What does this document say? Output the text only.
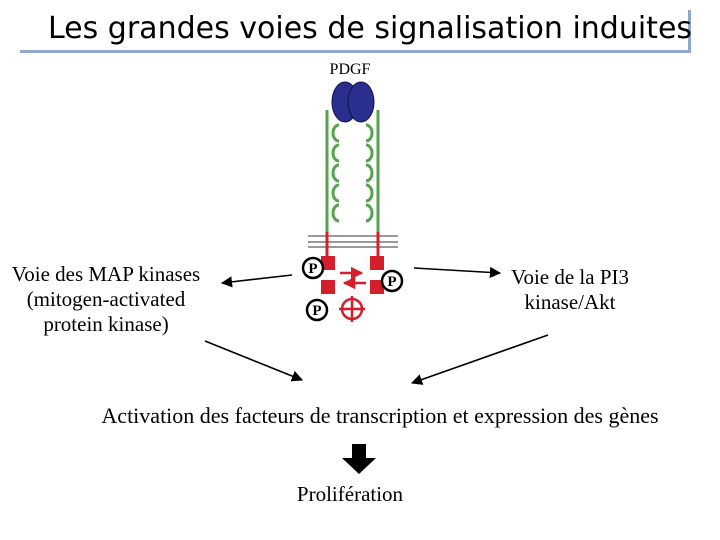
Les grandes voies de signalisation induites
PDGF
Voie des MAP kinases (mitogen-activated protein kinase)
Voie de la PI3 kinase/Akt
Activation des facteurs de transcription et expression des gènes
Prolifération
P
P
P
